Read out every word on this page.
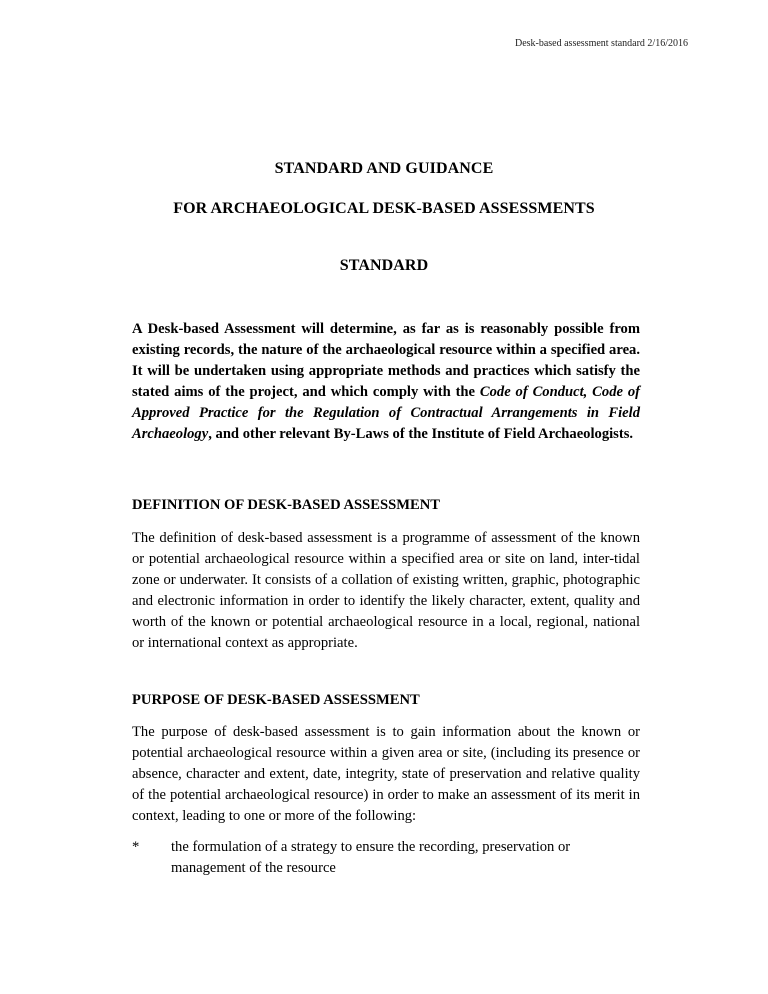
Desk-based assessment standard 2/16/2016
STANDARD AND GUIDANCE
FOR ARCHAEOLOGICAL DESK-BASED ASSESSMENTS
STANDARD
A Desk-based Assessment will determine, as far as is reasonably possible from existing records, the nature of the archaeological resource within a specified area. It will be undertaken using appropriate methods and practices which satisfy the stated aims of the project, and which comply with the Code of Conduct, Code of Approved Practice for the Regulation of Contractual Arrangements in Field Archaeology, and other relevant By-Laws of the Institute of Field Archaeologists.
DEFINITION OF DESK-BASED ASSESSMENT
The definition of desk-based assessment is a programme of assessment of the known or potential archaeological resource within a specified area or site on land, inter-tidal zone or underwater. It consists of a collation of existing written, graphic, photographic and electronic information in order to identify the likely character, extent, quality and worth of the known or potential archaeological resource in a local, regional, national or international context as appropriate.
PURPOSE OF DESK-BASED ASSESSMENT
The purpose of desk-based assessment is to gain information about the known or potential archaeological resource within a given area or site, (including its presence or absence, character and extent, date, integrity, state of preservation and relative quality of the potential archaeological resource) in order to make an assessment of its merit in context, leading to one or more of the following:
* the formulation of a strategy to ensure the recording, preservation or management of the resource
